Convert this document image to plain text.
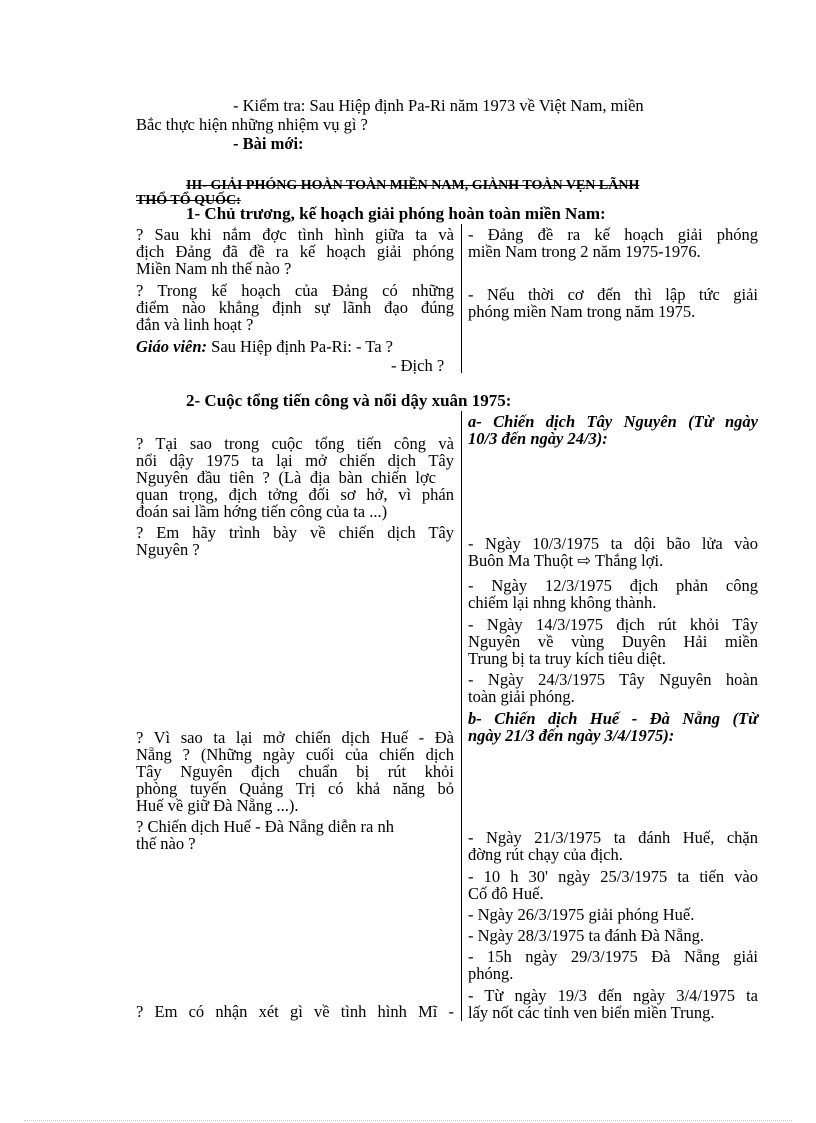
- Kiểm tra: Sau Hiệp định Pa-Ri năm 1973 về Việt Nam, miền
Bắc thực hiện những nhiệm vụ gì ?
- Bài mới:
III- GIẢI PHÓNG HOÀN TOÀN MIỀN NAM, GIÀNH TOÀN VẸN LÃNH
THỔ TỔ QUỐC:
1- Chủ trương, kế hoạch giải phóng hoàn toàn miền Nam:
? Sau khi nắm đợc tình hình giữa ta và
địch Đảng đã đề ra kế hoạch giải phóng
Miền Nam nh thế nào ?
- Đảng đề ra kế hoạch giải phóng
miền Nam trong 2 năm 1975-1976.
? Trong kế hoạch của Đảng có những
điểm nào khẳng định sự lãnh đạo đúng
đắn và linh hoạt ?
- Nếu thời cơ đến thì lập tức giải
phóng miền Nam trong năm 1975.
Giáo viên: Sau Hiệp định Pa-Ri: - Ta ?
- Địch ?
2- Cuộc tổng tiến công và nổi dậy xuân 1975:
a- Chiến dịch Tây Nguyên (Từ ngày
10/3 đến ngày 24/3):
? Tại sao trong cuộc tổng tiến công và
nổi dậy 1975 ta lại mở chiến dịch Tây
Nguyên đầu tiên ? (Là địa bàn chiến lợc
quan trọng, địch tởng đối sơ hở, vì phán
đoán sai lầm hớng tiến công của ta ...)
? Em hãy trình bày về chiến dịch Tây
Nguyên ?	- Ngày 10/3/1975 ta dội bão lửa vào
Buôn Ma Thuột ⇨ Thắng lợi.
- Ngày 12/3/1975 địch phản công
chiếm lại nhng không thành.
- Ngày 14/3/1975 địch rút khỏi Tây
Nguyên về vùng Duyên Hải miền
Trung bị ta truy kích tiêu diệt.
- Ngày 24/3/1975 Tây Nguyên hoàn
toàn giải phóng.
b- Chiến dịch Huế - Đà Nẵng (Từ
ngày 21/3 đến ngày 3/4/1975):
? Vì sao ta lại mở chiến dịch Huế - Đà
Nẵng ? (Những ngày cuối của chiến dịch
Tây Nguyên địch chuẩn bị rút khỏi
phòng tuyến Quảng Trị có khả năng bỏ
Huế về giữ Đà Nẵng ...).
? Chiến dịch Huế - Đà Nẵng diễn ra nh
thế nào ?	- Ngày 21/3/1975 ta đánh Huế, chặn
đờng rút chạy của địch.
- 10 h 30' ngày 25/3/1975 ta tiến vào
Cố đô Huế.
- Ngày 26/3/1975 giải phóng Huế.
- Ngày 28/3/1975 ta đánh Đà Nẵng.
- 15h ngày 29/3/1975 Đà Nẵng giải
phóng.
- Từ ngày 19/3 đến ngày 3/4/1975 ta
lấy nốt các tỉnh ven biển miền Trung.
? Em có nhận xét gì về tình hình Mĩ -
